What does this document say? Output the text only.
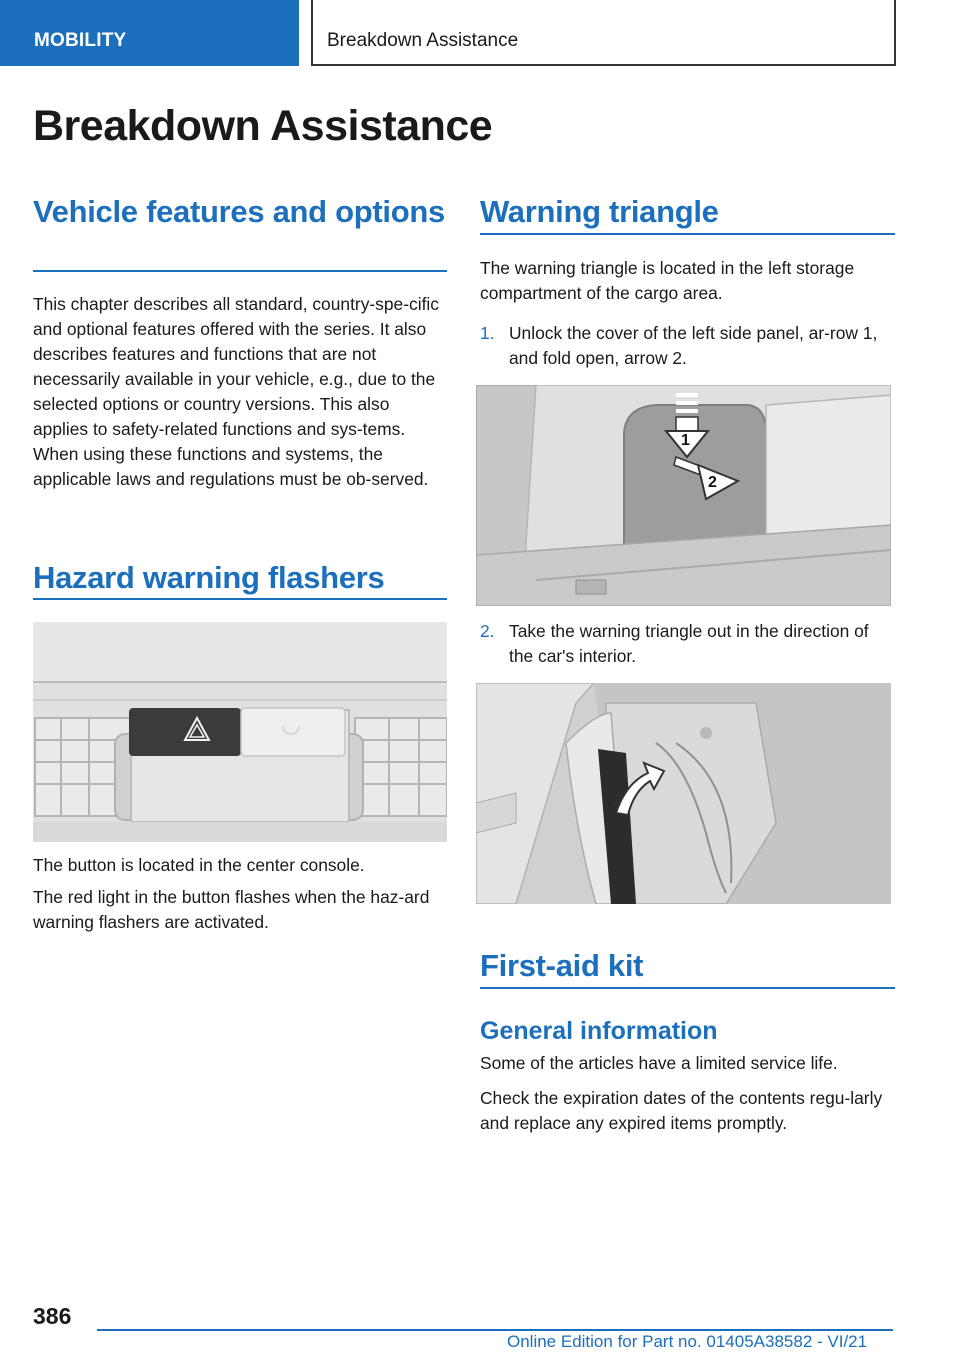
MOBILITY	Breakdown Assistance
Breakdown Assistance
Vehicle features and options
This chapter describes all standard, country-spe-cific and optional features offered with the series. It also describes features and functions that are not necessarily available in your vehicle, e.g., due to the selected options or country versions. This also applies to safety-related functions and sys-tems. When using these functions and systems, the applicable laws and regulations must be ob-served.
Hazard warning flashers
The button is located in the center console.
The red light in the button flashes when the haz-ard warning flashers are activated.
Warning triangle
The warning triangle is located in the left storage compartment of the cargo area.
1. Unlock the cover of the left side panel, ar-row 1, and fold open, arrow 2.
1
2
2. Take the warning triangle out in the direction of the car's interior.
First-aid kit
General information
Some of the articles have a limited service life.
Check the expiration dates of the contents regu-larly and replace any expired items promptly.
386
Online Edition for Part no. 01405A38582 - VI/21
